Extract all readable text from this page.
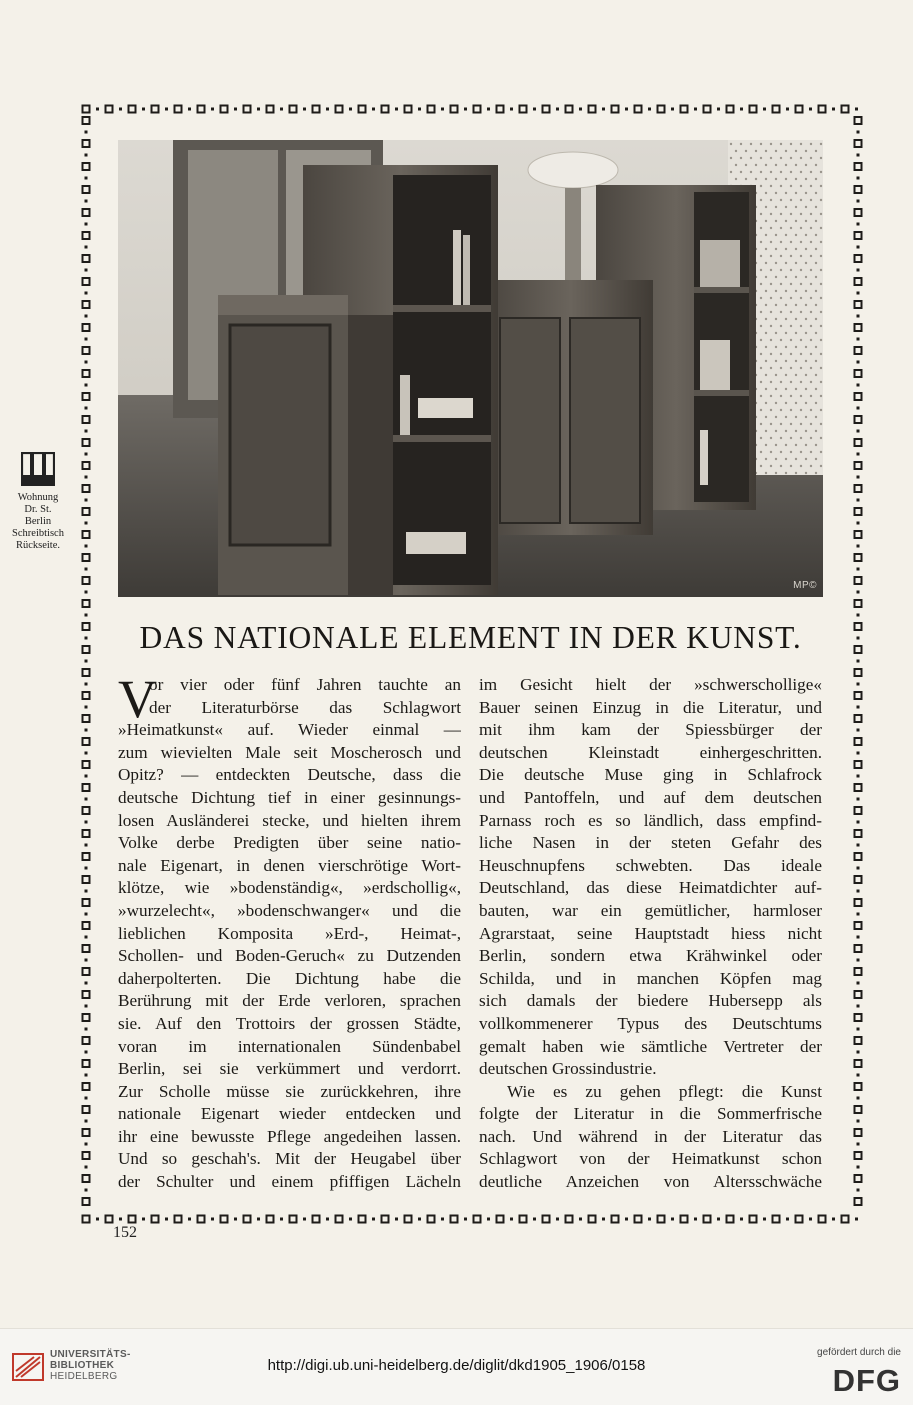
Wohnung
Dr. St.
Berlin
Schreibtisch
Rückseite.
MP©
DAS NATIONALE ELEMENT IN DER KUNST.
V
or vier oder fünf Jahren tauchte an
der Literaturbörse das Schlagwort
»Heimatkunst« auf. Wieder einmal —
zum wievielten Male seit Moscherosch und
Opitz? — entdeckten Deutsche, dass die
deutsche Dichtung tief in einer gesinnungs-
losen Ausländerei stecke, und hielten ihrem
Volke derbe Predigten über seine natio-
nale Eigenart, in denen vierschrötige Wort-
klötze, wie »bodenständig«, »erdschollig«,
»wurzelecht«, »bodenschwanger« und die
lieblichen Komposita »Erd-, Heimat-,
Schollen- und Boden-Geruch« zu Dutzenden
daherpolterten. Die Dichtung habe die
Berührung mit der Erde verloren, sprachen
sie. Auf den Trottoirs der grossen Städte,
voran im internationalen Sündenbabel
Berlin, sei sie verkümmert und verdorrt.
Zur Scholle müsse sie zurückkehren, ihre
nationale Eigenart wieder entdecken und
ihr eine bewusste Pflege angedeihen lassen.
Und so geschah's. Mit der Heugabel über
der Schulter und einem pfiffigen Lächeln
im Gesicht hielt der »schwerschollige«
Bauer seinen Einzug in die Literatur, und
mit ihm kam der Spiessbürger der
deutschen Kleinstadt einhergeschritten.
Die deutsche Muse ging in Schlafrock
und Pantoffeln, und auf dem deutschen
Parnass roch es so ländlich, dass empfind-
liche Nasen in der steten Gefahr des
Heuschnupfens schwebten. Das ideale
Deutschland, das diese Heimatdichter auf-
bauten, war ein gemütlicher, harmloser
Agrarstaat, seine Hauptstadt hiess nicht
Berlin, sondern etwa Krähwinkel oder
Schilda, und in manchen Köpfen mag
sich damals der biedere Hubersepp als
vollkommenerer Typus des Deutschtums
gemalt haben wie sämtliche Vertreter der
deutschen Grossindustrie.
Wie es zu gehen pflegt: die Kunst
folgte der Literatur in die Sommerfrische
nach. Und während in der Literatur das
Schlagwort von der Heimatkunst schon
deutliche Anzeichen von Altersschwäche
152
UNIVERSITÄTS-
BIBLIOTHEK
HEIDELBERG
http://digi.ub.uni-heidelberg.de/diglit/dkd1905_1906/0158
gefördert durch die
DFG
